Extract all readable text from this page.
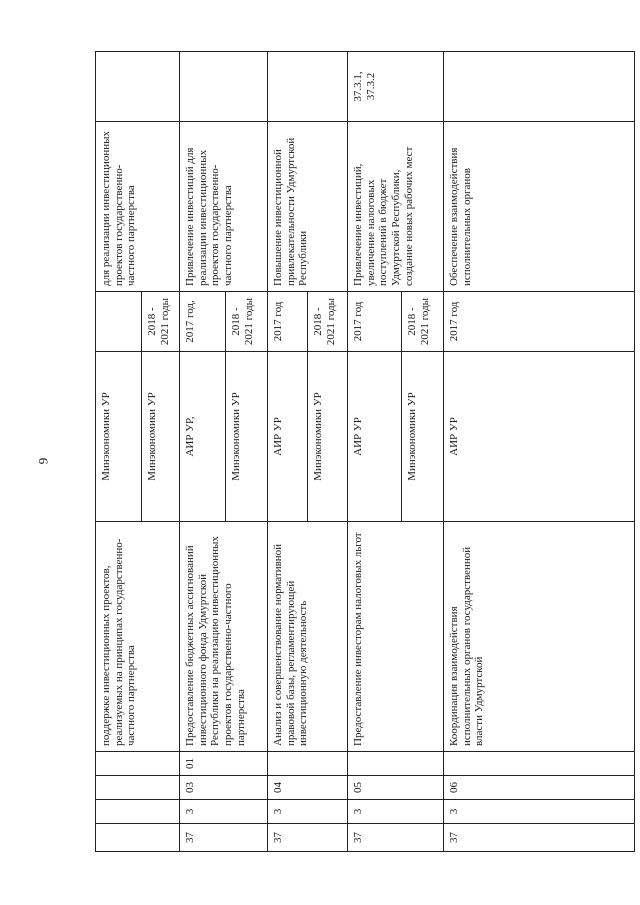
9
				поддержке инвестиционных проектов, реализуемых на принципах государственно-частного партнерства	Минэкономики УР		для реализации инвестиционных проектов государственно-частного партнерства	
					Минэкономики УР	2018 - 2021 годы		
37	3	03	01	Предоставление бюджетных ассигнований инвестиционного фонда Удмуртской Республики на реализацию инвестиционных проектов государственно-частного партнерства	АИР УР,	2017 год,	Привлечение инвестиций для реализации инвестиционных проектов государственно-частного партнерства	
					Минэкономики УР	2018 - 2021 годы		
37	3	04		Анализ и совершенствование нормативной правовой базы, регламентирующей инвестиционную деятельность	АИР УР	2017 год	Повышение инвестиционной привлекательности Удмуртской Республики	
					Минэкономики УР	2018 - 2021 годы		
37	3	05		Предоставление инвесторам налоговых льгот	АИР УР	2017 год	Привлечение инвестиций, увеличение налоговых поступлений в бюджет Удмуртской Республики, создание новых рабочих мест	37.3.1, 37.3.2
					Минэкономики УР	2018 - 2021 годы		
37	3	06		Координация взаимодействия исполнительных органов государственной власти Удмуртской	АИР УР	2017 год	Обеспечение взаимодействия исполнительных органов	
